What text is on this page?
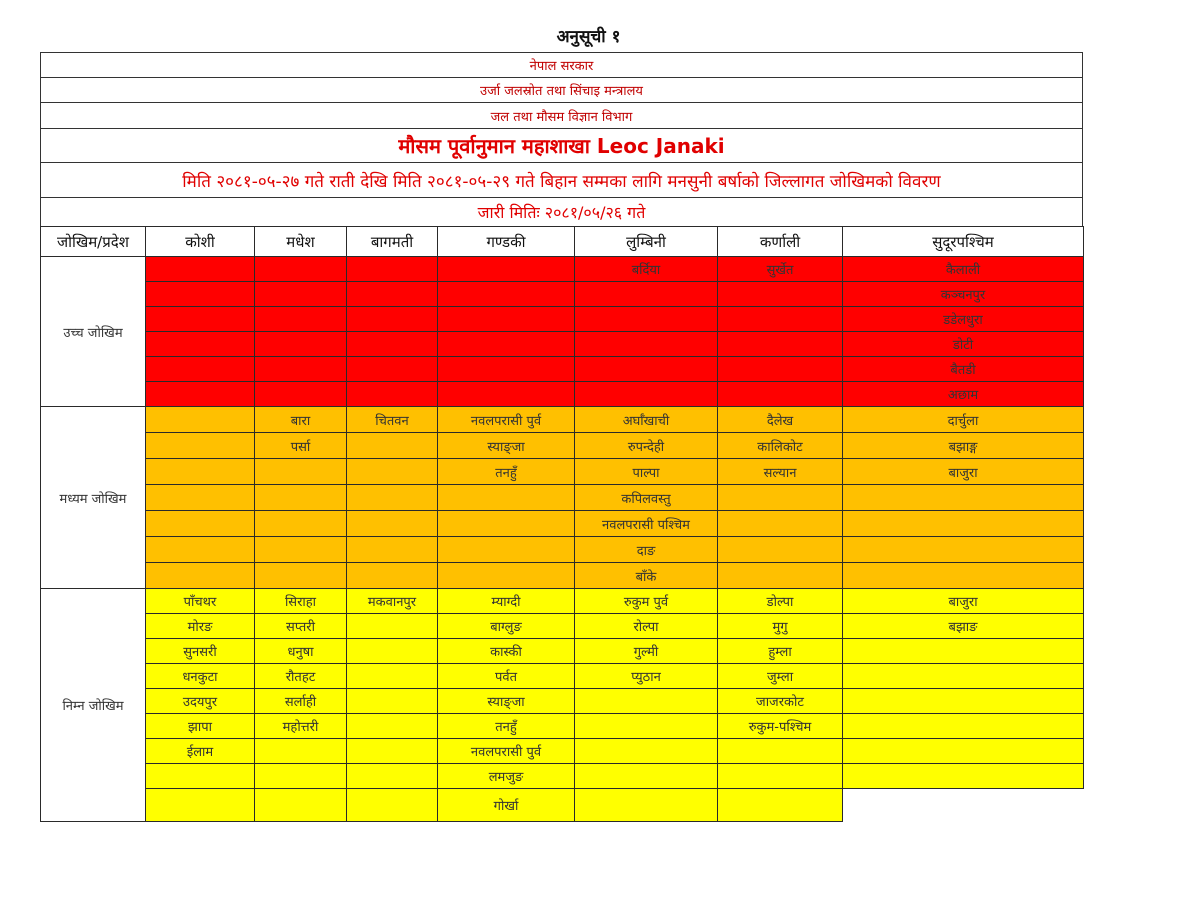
अनुसूची १
नेपाल सरकार
उर्जा जलस्रोत तथा सिंचाइ मन्त्रालय
जल तथा मौसम विज्ञान विभाग
मौसम पूर्वानुमान महाशाखा Leoc Janaki
मिति २०८१-०५-२७ गते राती देखि मिति २०८१-०५-२९ गते बिहान सम्मका लागि मनसुनी बर्षाको जिल्लागत जोखिमको विवरण
जारी मितिः २०८१/०५/२६ गते
जोखिम/प्रदेश	कोशी	मधेश	बागमती	गण्डकी	लुम्बिनी	कर्णाली	सुदूरपश्चिम
उच्च जोखिम					बर्दिया	सुर्खेत	कैलाली
							कञ्चनपुर
							डडेलधुरा
							डोटी
							बैतडी
							अछाम
मध्यम जोखिम		बारा	चितवन	नवलपरासी पुर्व	अर्घाँखाची	दैलेख	दार्चुला
		पर्सा		स्याङ्जा	रुपन्देही	कालिकोट	बझाङ्ग
				तनहुँ	पाल्पा	सल्यान	बाजुरा
					कपिलवस्तु		
					नवलपरासी पश्चिम		
					दाङ		
					बाँके		
निम्न जोखिम	पाँचथर	सिराहा	मकवानपुर	म्याग्दी	रुकुम पुर्व	डोल्पा	बाजुरा
	मोरङ	सप्तरी		बाग्लुङ	रोल्पा	मुगु	बझाङ
	सुनसरी	धनुषा		कास्की	गुल्मी	हुम्ला	
	धनकुटा	रौतहट		पर्वत	प्युठान	जुम्ला	
	उदयपुर	सर्लाही		स्याङ्जा		जाजरकोट	
	झापा	महोत्तरी		तनहुँ		रुकुम-पश्चिम	
	ईलाम			नवलपरासी पुर्व			
				लमजुङ			
				गोर्खा			
